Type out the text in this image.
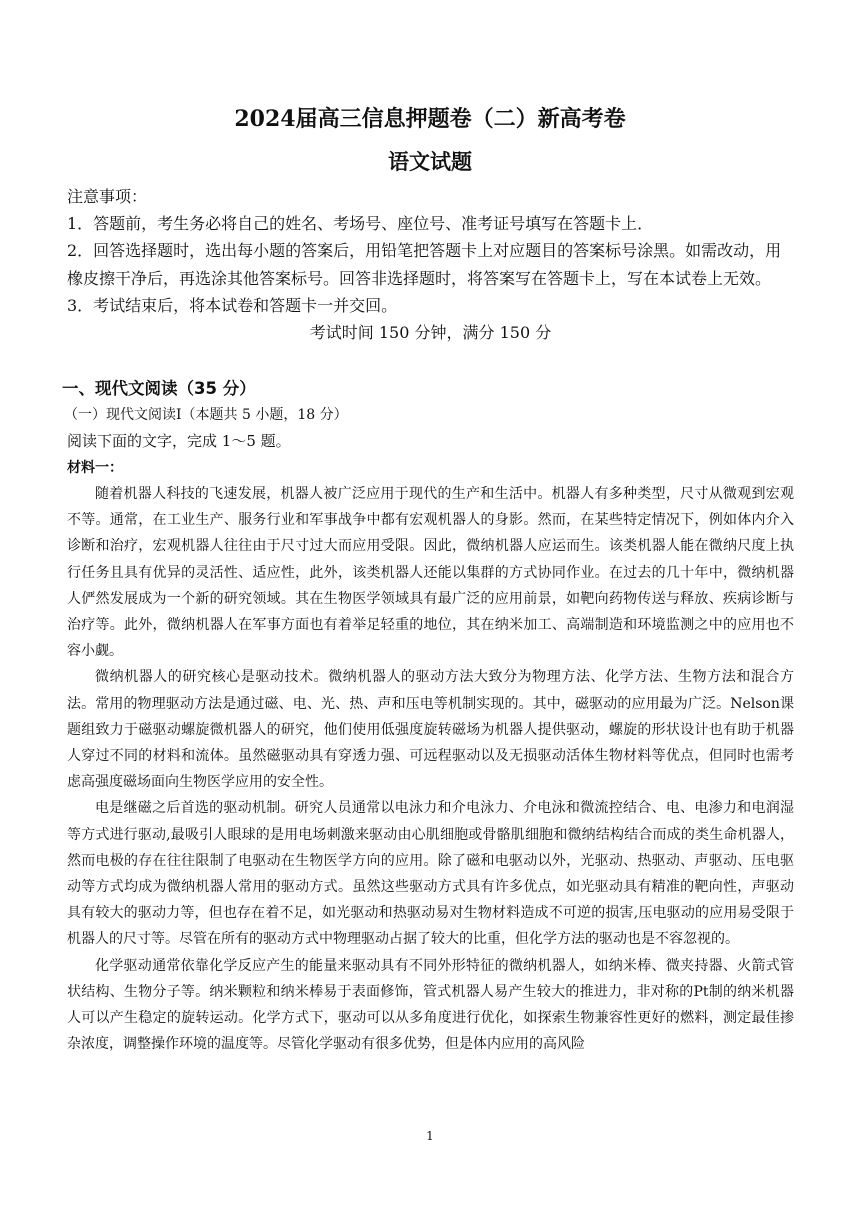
2024届高三信息押题卷（二）新高考卷
语文试题

注意事项：

1．答题前，考生务必将自己的姓名、考场号、座位号、准考证号填写在答题卡上．

2．回答选择题时，选出每小题的答案后，用铅笔把答题卡上对应题目的答案标号涂黑。如需改动，用橡皮擦干净后，再选涂其他答案标号。回答非选择题时，将答案写在答题卡上，写在本试卷上无效。

3．考试结束后，将本试卷和答题卡一并交回。

考试时间 150 分钟，满分 150 分

一、现代文阅读（35 分）
（一）现代文阅读Ⅰ（本题共 5 小题，18 分）
阅读下面的文字，完成 1～5 题。
材料一：

随着机器人科技的飞速发展，机器人被广泛应用于现代的生产和生活中。机器人有多种类型，尺寸从微观到宏观不等。通常，在工业生产、服务行业和军事战争中都有宏观机器人的身影。然而，在某些特定情况下，例如体内介入诊断和治疗，宏观机器人往往由于尺寸过大而应用受限。因此，微纳机器人应运而生。该类机器人能在微纳尺度上执行任务且具有优异的灵活性、适应性，此外，该类机器人还能以集群的方式协同作业。在过去的几十年中，微纳机器人俨然发展成为一个新的研究领域。其在生物医学领域具有最广泛的应用前景，如靶向药物传送与释放、疾病诊断与治疗等。此外，微纳机器人在军事方面也有着举足轻重的地位，其在纳米加工、高端制造和环境监测之中的应用也不容小觑。

微纳机器人的研究核心是驱动技术。微纳机器人的驱动方法大致分为物理方法、化学方法、生物方法和混合方法。常用的物理驱动方法是通过磁、电、光、热、声和压电等机制实现的。其中，磁驱动的应用最为广泛。Nelson课题组致力于磁驱动螺旋微机器人的研究，他们使用低强度旋转磁场为机器人提供驱动，螺旋的形状设计也有助于机器人穿过不同的材料和流体。虽然磁驱动具有穿透力强、可远程驱动以及无损驱动活体生物材料等优点，但同时也需考虑高强度磁场面向生物医学应用的安全性。

电是继磁之后首选的驱动机制。研究人员通常以电泳力和介电泳力、介电泳和微流控结合、电、电渗力和电润湿等方式进行驱动,最吸引人眼球的是用电场刺激来驱动由心肌细胞或骨骼肌细胞和微纳结构结合而成的类生命机器人，然而电极的存在往往限制了电驱动在生物医学方向的应用。除了磁和电驱动以外，光驱动、热驱动、声驱动、压电驱动等方式均成为微纳机器人常用的驱动方式。虽然这些驱动方式具有许多优点，如光驱动具有精准的靶向性，声驱动具有较大的驱动力等，但也存在着不足，如光驱动和热驱动易对生物材料造成不可逆的损害,压电驱动的应用易受限于机器人的尺寸等。尽管在所有的驱动方式中物理驱动占据了较大的比重，但化学方法的驱动也是不容忽视的。

化学驱动通常依靠化学反应产生的能量来驱动具有不同外形特征的微纳机器人，如纳米棒、微夹持器、火箭式管状结构、生物分子等。纳米颗粒和纳米棒易于表面修饰，管式机器人易产生较大的推进力，非对称的Pt制的纳米机器人可以产生稳定的旋转运动。化学方式下，驱动可以从多角度进行优化，如探索生物兼容性更好的燃料，测定最佳掺杂浓度，调整操作环境的温度等。尽管化学驱动有很多优势，但是体内应用的高风险

1
